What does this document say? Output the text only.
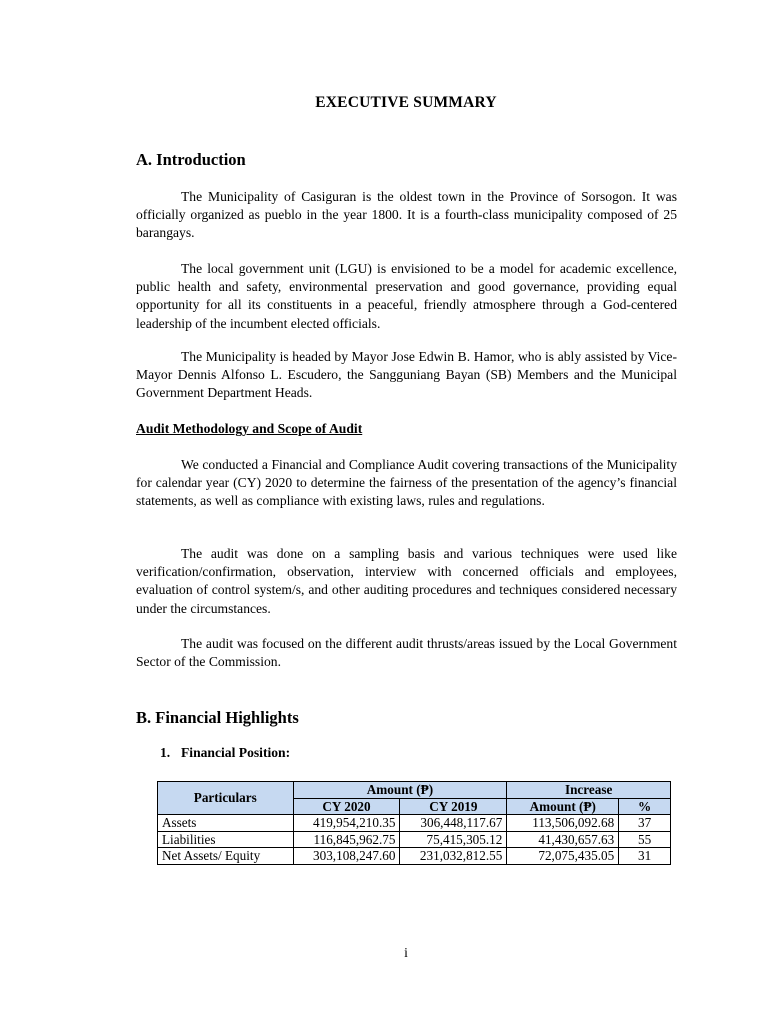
EXECUTIVE SUMMARY
A. Introduction

The Municipality of Casiguran is the oldest town in the Province of Sorsogon. It was officially organized as pueblo in the year 1800. It is a fourth-class municipality composed of 25 barangays.

The local government unit (LGU) is envisioned to be a model for academic excellence, public health and safety, environmental preservation and good governance, providing equal opportunity for all its constituents in a peaceful, friendly atmosphere through a God-centered leadership of the incumbent elected officials.

The Municipality is headed by Mayor Jose Edwin B. Hamor, who is ably assisted by Vice-Mayor Dennis Alfonso L. Escudero, the Sangguniang Bayan (SB) Members and the Municipal Government Department Heads.

Audit Methodology and Scope of Audit

We conducted a Financial and Compliance Audit covering transactions of the Municipality for calendar year (CY) 2020 to determine the fairness of the presentation of the agency’s financial statements, as well as compliance with existing laws, rules and regulations.

The audit was done on a sampling basis and various techniques were used like verification/confirmation, observation, interview with concerned officials and employees, evaluation of control system/s, and other auditing procedures and techniques considered necessary under the circumstances.

The audit was focused on the different audit thrusts/areas issued by the Local Government Sector of the Commission.

B. Financial Highlights
1. Financial Position:
Particulars	Amount (₱)		Increase	
	CY 2020	CY 2019	Amount (₱)	%
Assets	419,954,210.35	306,448,117.67	113,506,092.68	37
Liabilities	116,845,962.75	75,415,305.12	41,430,657.63	55
Net Assets/ Equity	303,108,247.60	231,032,812.55	72,075,435.05	31
i
